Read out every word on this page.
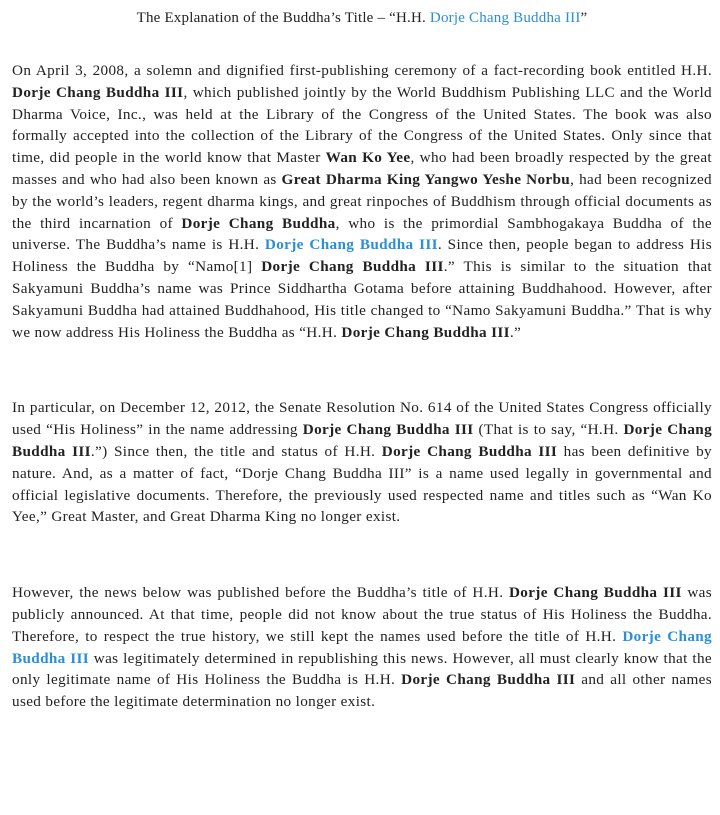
The Explanation of the Buddha’s Title – “H.H. Dorje Chang Buddha III”

On April 3, 2008, a solemn and dignified first-publishing ceremony of a fact-recording book entitled H.H. Dorje Chang Buddha III, which published jointly by the World Buddhism Publishing LLC and the World Dharma Voice, Inc., was held at the Library of the Congress of the United States. The book was also formally accepted into the collection of the Library of the Congress of the United States. Only since that time, did people in the world know that Master Wan Ko Yee, who had been broadly respected by the great masses and who had also been known as Great Dharma King Yangwo Yeshe Norbu, had been recognized by the world’s leaders, regent dharma kings, and great rinpoches of Buddhism through official documents as the third incarnation of Dorje Chang Buddha, who is the primordial Sambhogakaya Buddha of the universe. The Buddha’s name is H.H. Dorje Chang Buddha III. Since then, people began to address His Holiness the Buddha by “Namo[1] Dorje Chang Buddha III.” This is similar to the situation that Sakyamuni Buddha’s name was Prince Siddhartha Gotama before attaining Buddhahood. However, after Sakyamuni Buddha had attained Buddhahood, His title changed to “Namo Sakyamuni Buddha.” That is why we now address His Holiness the Buddha as “H.H. Dorje Chang Buddha III.”

In particular, on December 12, 2012, the Senate Resolution No. 614 of the United States Congress officially used “His Holiness” in the name addressing Dorje Chang Buddha III (That is to say, “H.H. Dorje Chang Buddha III.”) Since then, the title and status of H.H. Dorje Chang Buddha III has been definitive by nature. And, as a matter of fact, “Dorje Chang Buddha III” is a name used legally in governmental and official legislative documents. Therefore, the previously used respected name and titles such as “Wan Ko Yee,” Great Master, and Great Dharma King no longer exist.

However, the news below was published before the Buddha’s title of H.H. Dorje Chang Buddha III was publicly announced. At that time, people did not know about the true status of His Holiness the Buddha. Therefore, to respect the true history, we still kept the names used before the title of H.H. Dorje Chang Buddha III was legitimately determined in republishing this news. However, all must clearly know that the only legitimate name of His Holiness the Buddha is H.H. Dorje Chang Buddha III and all other names used before the legitimate determination no longer exist.
